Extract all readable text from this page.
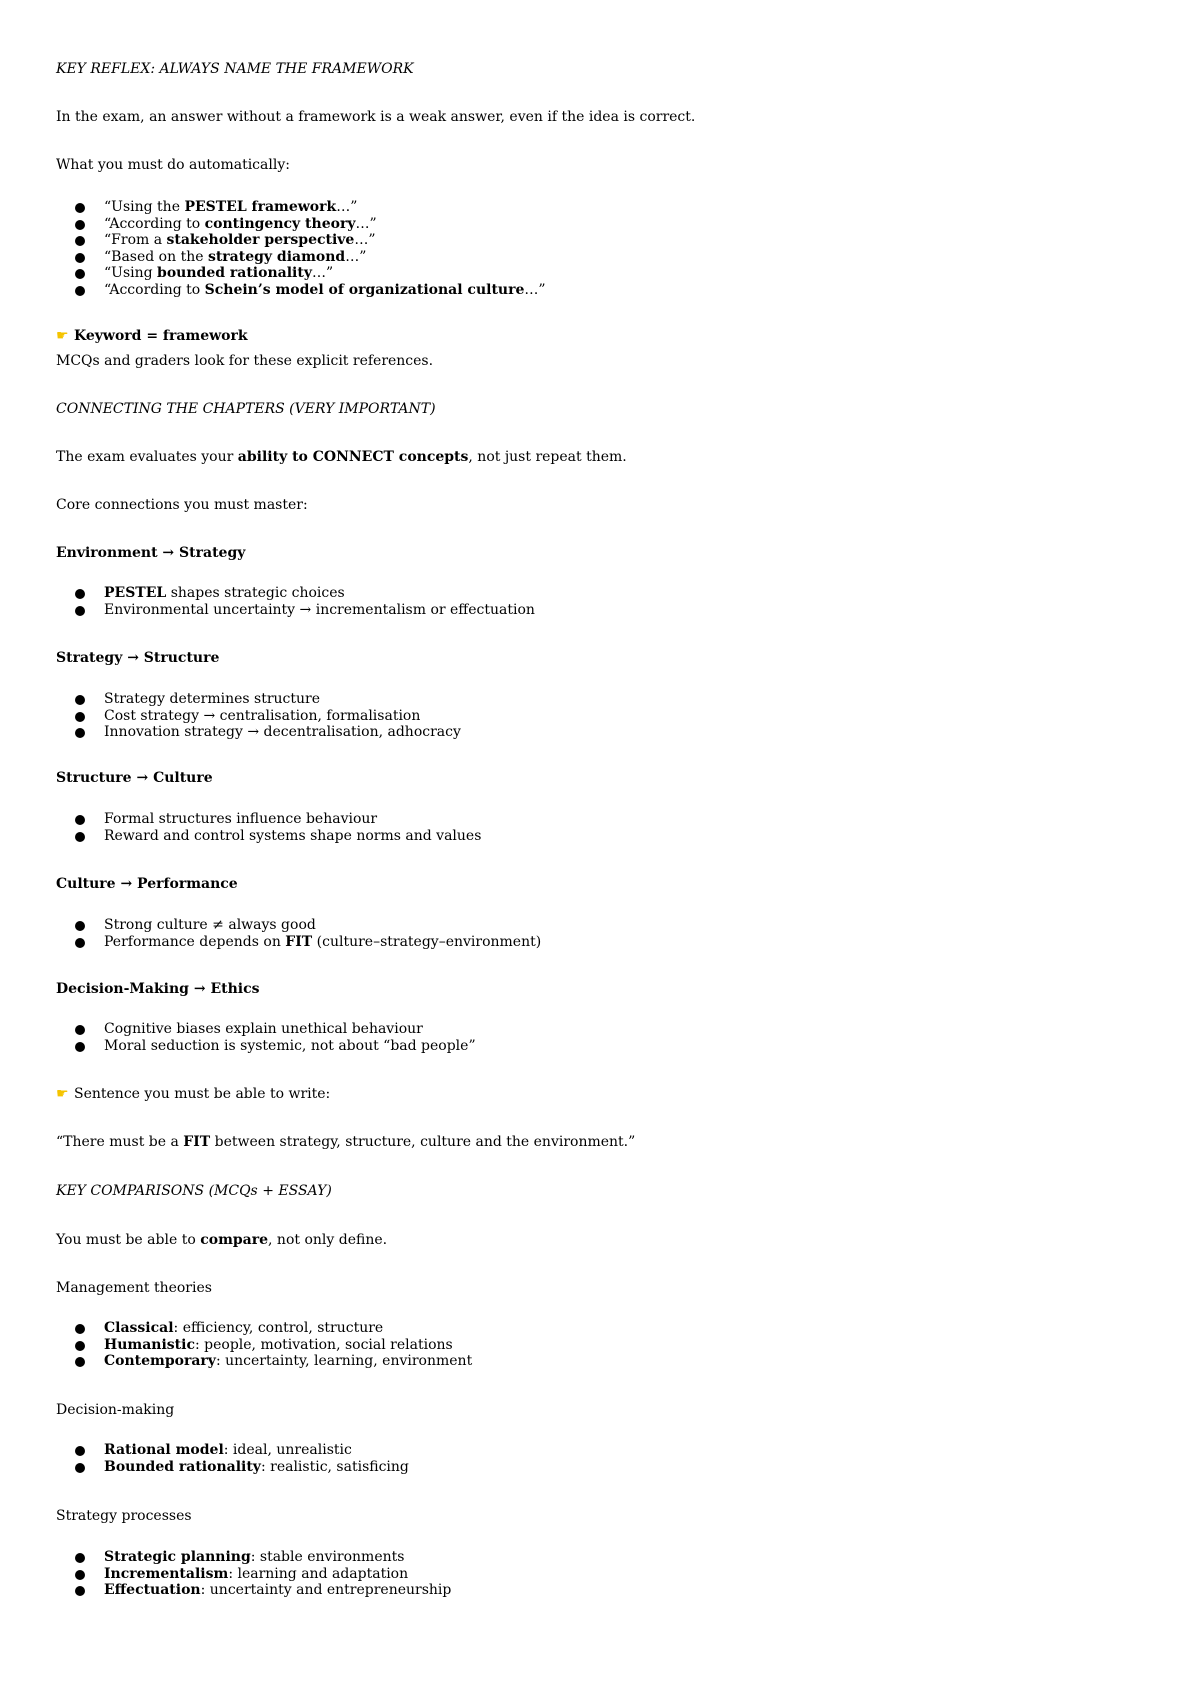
KEY REFLEX: ALWAYS NAME THE FRAMEWORK
In the exam, an answer without a framework is a weak answer, even if the idea is correct.
What you must do automatically:
“Using the PESTEL framework…”
“According to contingency theory…”
“From a stakeholder perspective…”
“Based on the strategy diamond…”
“Using bounded rationality…”
“According to Schein’s model of organizational culture…”
☛ Keyword = framework
MCQs and graders look for these explicit references.
CONNECTING THE CHAPTERS (VERY IMPORTANT)
The exam evaluates your ability to CONNECT concepts, not just repeat them.
Core connections you must master:
Environment → Strategy
PESTEL shapes strategic choices
Environmental uncertainty → incrementalism or effectuation
Strategy → Structure
Strategy determines structure
Cost strategy → centralisation, formalisation
Innovation strategy → decentralisation, adhocracy
Structure → Culture
Formal structures influence behaviour
Reward and control systems shape norms and values
Culture → Performance
Strong culture ≠ always good
Performance depends on FIT (culture–strategy–environment)
Decision-Making → Ethics
Cognitive biases explain unethical behaviour
Moral seduction is systemic, not about “bad people”
☛ Sentence you must be able to write:
“There must be a FIT between strategy, structure, culture and the environment.”
KEY COMPARISONS (MCQs + ESSAY)
You must be able to compare, not only define.
Management theories
Classical: efficiency, control, structure
Humanistic: people, motivation, social relations
Contemporary: uncertainty, learning, environment
Decision-making
Rational model: ideal, unrealistic
Bounded rationality: realistic, satisficing
Strategy processes
Strategic planning: stable environments
Incrementalism: learning and adaptation
Effectuation: uncertainty and entrepreneurship
